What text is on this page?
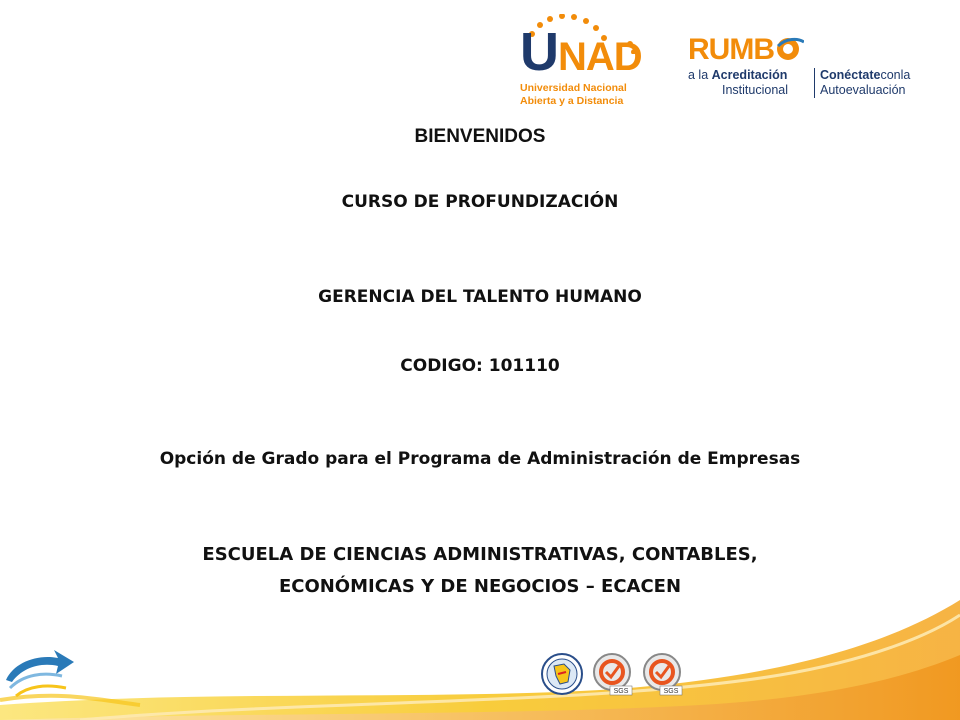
UNAD
Universidad Nacional
Abierta y a Distancia
RUMB
a la Acreditación
Institucional
Conéctateconla
Autoevaluación
BIENVENIDOS
CURSO DE PROFUNDIZACIÓN
GERENCIA DEL TALENTO HUMANO
CODIGO: 101110
Opción de Grado para el Programa de Administración de Empresas
ESCUELA DE CIENCIAS ADMINISTRATIVAS, CONTABLES,
ECONÓMICAS Y DE NEGOCIOS – ECACEN
SGS	SGS
